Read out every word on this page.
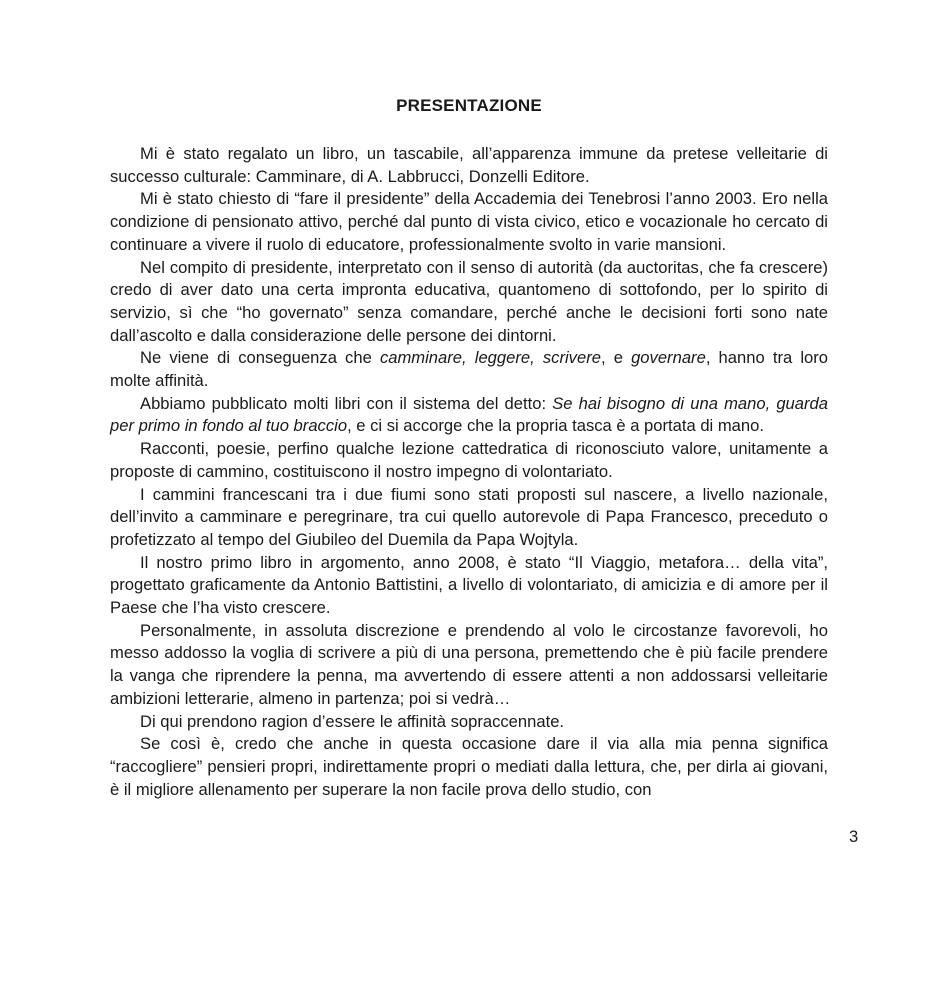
PRESENTAZIONE

Mi è stato regalato un libro, un tascabile, all’apparenza immune da pretese velleitarie di successo culturale: Camminare, di A. Labbrucci, Donzelli Editore.

Mi è stato chiesto di “fare il presidente” della Accademia dei Tenebrosi l’anno 2003. Ero nella condizione di pensionato attivo, perché dal punto di vista civico, etico e vocazionale ho cercato di continuare a vivere il ruolo di educatore, professionalmente svolto in varie mansioni.

Nel compito di presidente, interpretato con il senso di autorità (da auctoritas, che fa crescere) credo di aver dato una certa impronta educativa, quantomeno di sottofondo, per lo spirito di servizio, sì che “ho governato” senza comandare, perché anche le decisioni forti sono nate dall’ascolto e dalla considerazione delle persone dei dintorni.

Ne viene di conseguenza che camminare, leggere, scrivere, e governare, hanno tra loro molte affinità.

Abbiamo pubblicato molti libri con il sistema del detto: Se hai bisogno di una mano, guarda per primo in fondo al tuo braccio, e ci si accorge che la propria tasca è a portata di mano.

Racconti, poesie, perfino qualche lezione cattedratica di riconosciuto valore, unitamente a proposte di cammino, costituiscono il nostro impegno di volontariato.

I cammini francescani tra i due fiumi sono stati proposti sul nascere, a livello nazionale, dell’invito a camminare e peregrinare, tra cui quello autorevole di Papa Francesco, preceduto o profetizzato al tempo del Giubileo del Duemila da Papa Wojtyla.

Il nostro primo libro in argomento, anno 2008, è stato “Il Viaggio, metafora… della vita”, progettato graficamente da Antonio Battistini, a livello di volontariato, di amicizia e di amore per il Paese che l’ha visto crescere.

Personalmente, in assoluta discrezione e prendendo al volo le circostanze favorevoli, ho messo addosso la voglia di scrivere a più di una persona, premettendo che è più facile prendere la vanga che riprendere la penna, ma avvertendo di essere attenti a non addossarsi velleitarie ambizioni letterarie, almeno in partenza; poi si vedrà…

Di qui prendono ragion d’essere le affinità sopraccennate.

Se così è, credo che anche in questa occasione dare il via alla mia penna significa “raccogliere” pensieri propri, indirettamente propri o mediati dalla lettura, che, per dirla ai giovani, è il migliore allenamento per superare la non facile prova dello studio, con

3
